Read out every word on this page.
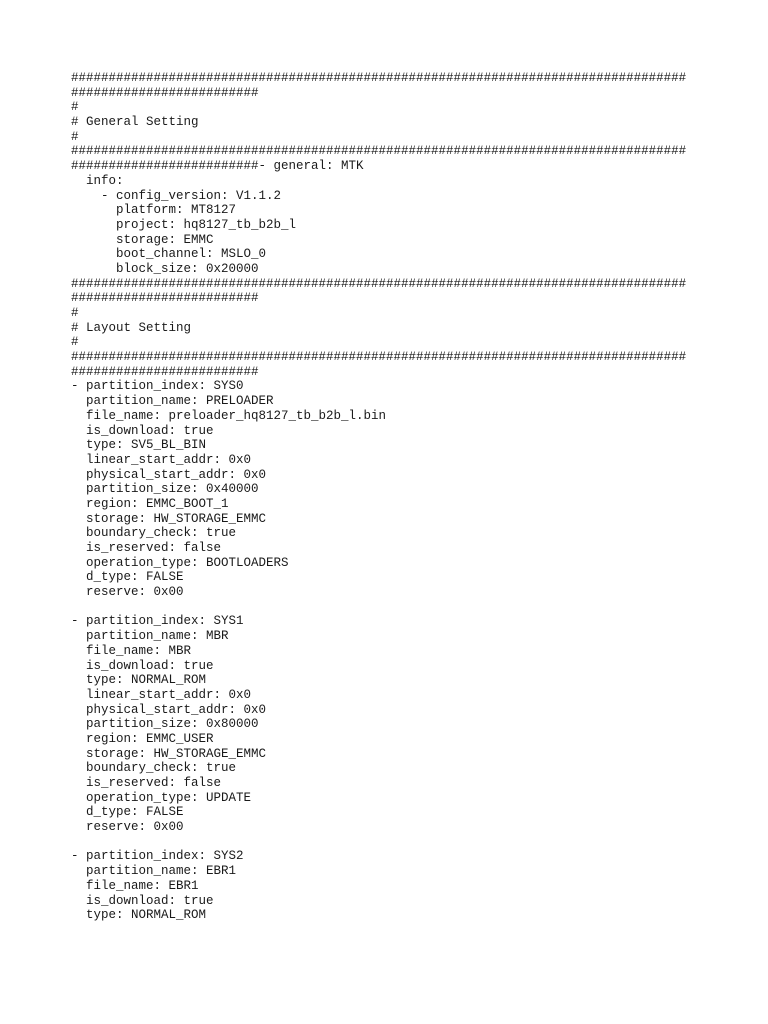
##################################################################################
#########################
#
# General Setting
#
##################################################################################
#########################- general: MTK
info:
- config_version: V1.1.2
platform: MT8127
project: hq8127_tb_b2b_l
storage: EMMC
boot_channel: MSLO_0
block_size: 0x20000
##################################################################################
#########################
#
# Layout Setting
#
##################################################################################
#########################
- partition_index: SYS0
partition_name: PRELOADER
file_name: preloader_hq8127_tb_b2b_l.bin
is_download: true
type: SV5_BL_BIN
linear_start_addr: 0x0
physical_start_addr: 0x0
partition_size: 0x40000
region: EMMC_BOOT_1
storage: HW_STORAGE_EMMC
boundary_check: true
is_reserved: false
operation_type: BOOTLOADERS
d_type: FALSE
reserve: 0x00
- partition_index: SYS1
partition_name: MBR
file_name: MBR
is_download: true
type: NORMAL_ROM
linear_start_addr: 0x0
physical_start_addr: 0x0
partition_size: 0x80000
region: EMMC_USER
storage: HW_STORAGE_EMMC
boundary_check: true
is_reserved: false
operation_type: UPDATE
d_type: FALSE
reserve: 0x00
- partition_index: SYS2
partition_name: EBR1
file_name: EBR1
is_download: true
type: NORMAL_ROM
